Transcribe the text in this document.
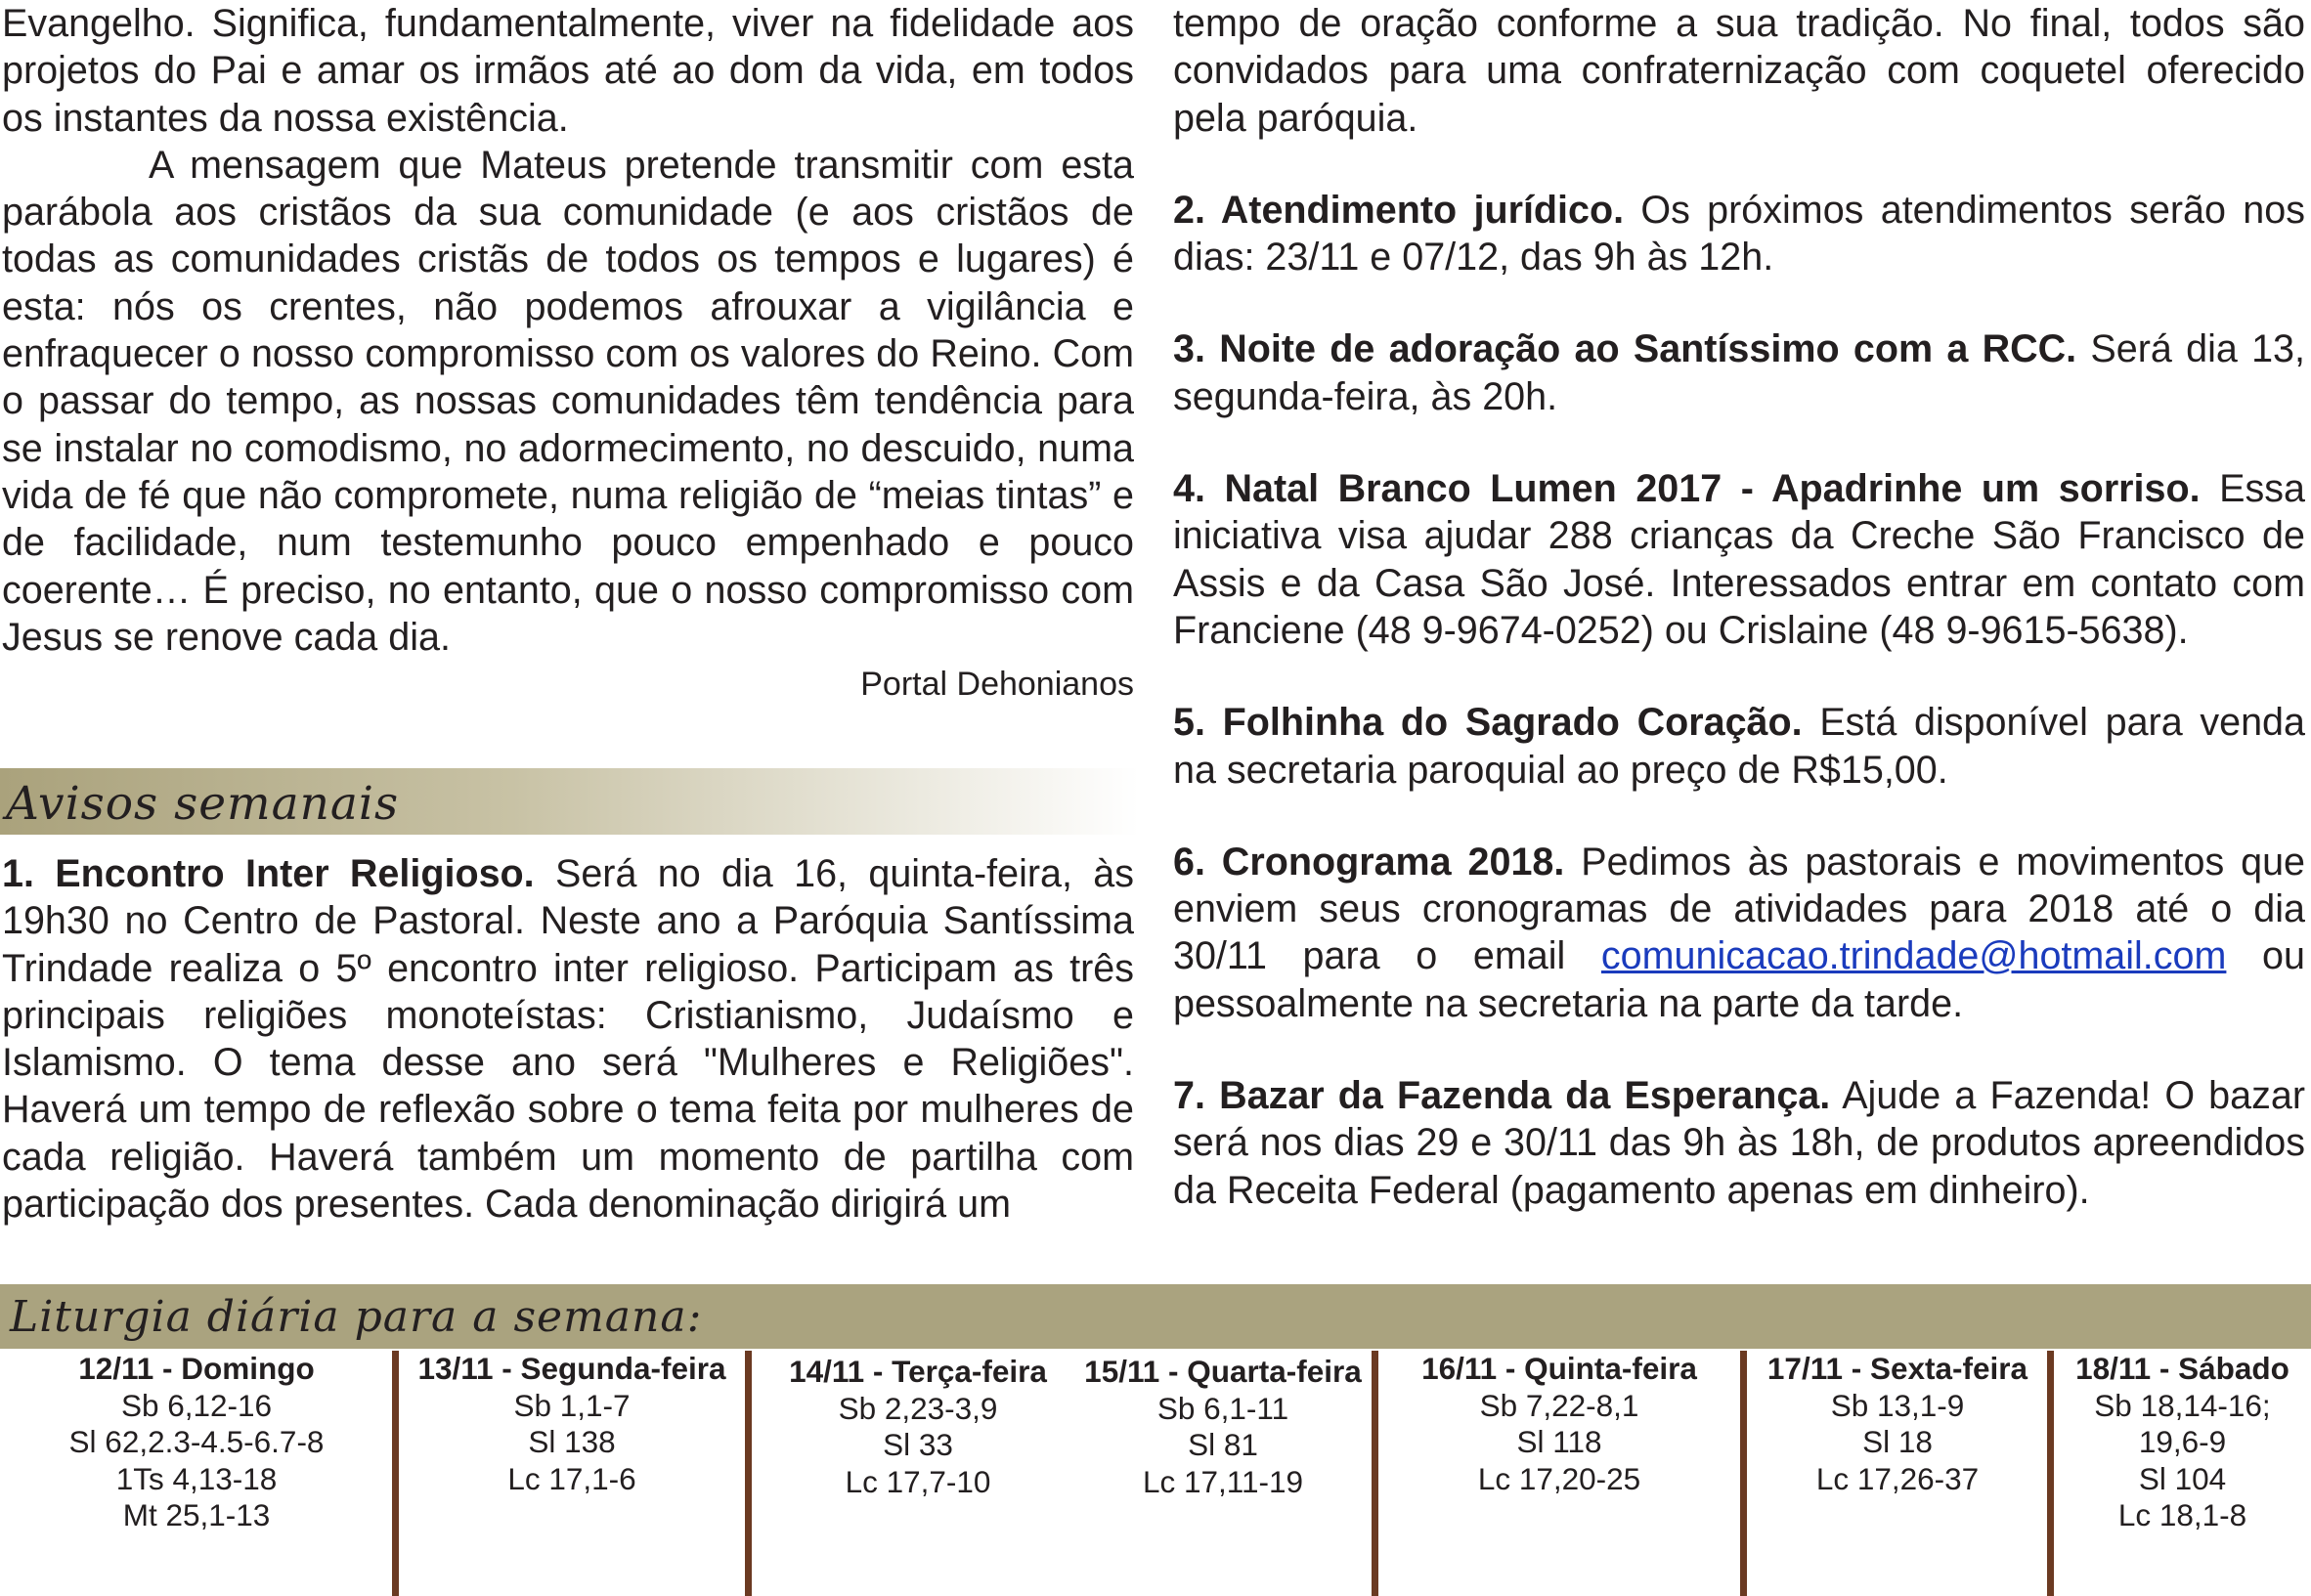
Evangelho. Significa, fundamentalmente, viver na fidelidade aos projetos do Pai e amar os irmãos até ao dom da vida, em todos os instantes da nossa existência.

A mensagem que Mateus pretende transmitir com esta parábola aos cristãos da sua comunidade (e aos cristãos de todas as comunidades cristãs de todos os tempos e lugares) é esta: nós os crentes, não podemos afrouxar a vigilância e enfraquecer o nosso compromisso com os valores do Reino. Com o passar do tempo, as nossas comunidades têm tendência para se instalar no comodismo, no adormecimento, no descuido, numa vida de fé que não compromete, numa religião de “meias tintas” e de facilidade, num testemunho pouco empenhado e pouco coerente… É preciso, no entanto, que o nosso compromisso com Jesus se renove cada dia.

Portal Dehonianos

Avisos semanais

1. Encontro Inter Religioso. Será no dia 16, quinta-feira, às 19h30 no Centro de Pastoral. Neste ano a Paróquia Santíssima Trindade realiza o 5º encontro inter religioso. Participam as três principais religiões monoteístas: Cristianismo, Judaísmo e Islamismo. O tema desse ano será "Mulheres e Religiões". Haverá um tempo de reflexão sobre o tema feita por mulheres de cada religião. Haverá também um momento de partilha com participação dos presentes. Cada denominação dirigirá um

tempo de oração conforme a sua tradição. No final, todos são convidados para uma confraternização com coquetel oferecido pela paróquia.

2. Atendimento jurídico. Os próximos atendimentos serão nos dias: 23/11 e 07/12, das 9h às 12h.

3. Noite de adoração ao Santíssimo com a RCC. Será dia 13, segunda-feira, às 20h.

4. Natal Branco Lumen 2017 - Apadrinhe um sorriso. Essa iniciativa visa ajudar 288 crianças da Creche São Francisco de Assis e da Casa São José. Interessados entrar em contato com Franciene (48 9-9674-0252) ou Crislaine (48 9-9615-5638).

5. Folhinha do Sagrado Coração. Está disponível para venda na secretaria paroquial ao preço de R$15,00.

6. Cronograma 2018. Pedimos às pastorais e movimentos que enviem seus cronogramas de atividades para 2018 até o dia 30/11 para o email comunicacao.trindade@hotmail.com ou pessoalmente na secretaria na parte da tarde.

7. Bazar da Fazenda da Esperança. Ajude a Fazenda! O bazar será nos dias 29 e 30/11 das 9h às 18h, de produtos apreendidos da Receita Federal (pagamento apenas em dinheiro).

Liturgia diária para a semana:
12/11 - Domingo
Sb 6,12-16
Sl 62,2.3-4.5-6.7-8
1Ts 4,13-18
Mt 25,1-13
13/11 - Segunda-feira
Sb 1,1-7
Sl 138
Lc 17,1-6
14/11 - Terça-feira
Sb 2,23-3,9
Sl 33
Lc 17,7-10
15/11 - Quarta-feira
Sb 6,1-11
Sl 81
Lc 17,11-19
16/11 - Quinta-feira
Sb 7,22-8,1
Sl 118
Lc 17,20-25
17/11 - Sexta-feira
Sb 13,1-9
Sl 18
Lc 17,26-37
18/11 - Sábado
Sb 18,14-16;
19,6-9
Sl 104
Lc 18,1-8
